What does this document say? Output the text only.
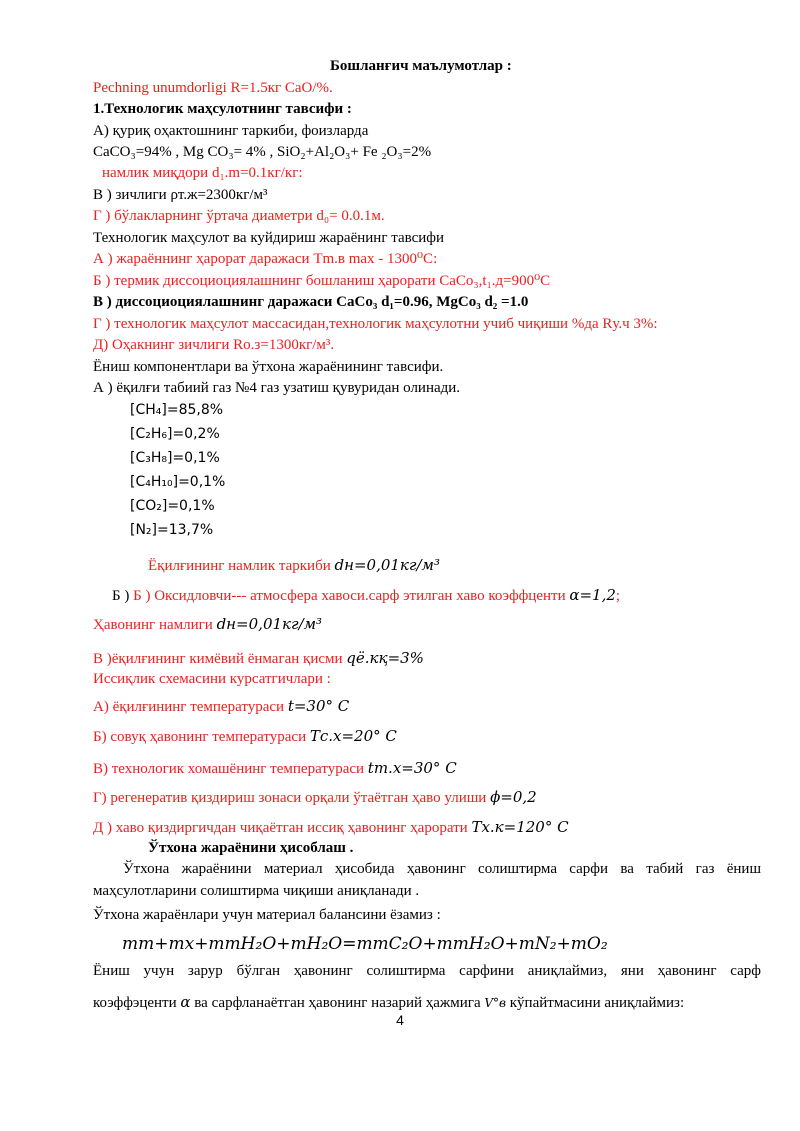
Бошланғич маълумотлар :
Pechning unumdorligi R=1.5кг CaO/%.
1.Технологик маҳсулотнинг тавсифи :
А) қуриқ оҳактошнинг таркиби, фоизларда
CaCO₃=94% , Mg CO₃= 4% , SiO₂+Al₂O₃+ Fe ₂O₃=2%
намлик миқдори d₁.m=0.1кг/кг:
В ) зичлиги ρт.ж=2300кг/м³
Г ) бўлакларнинг ўртача диаметри d₀= 0.0.1м.
Технологик маҳсулот ва куйдириш жараёнинг тавсифи
А ) жараённинг ҳарорат даражаси Тm.в max - 1300⁰С:
Б ) термик диссоциоциялашнинг бошланиш ҳарорати CaCo₃,t₁.д=900⁰С
В ) диссоциоциялашнинг даражаси CaCo₃ d₁=0.96, MgCo₃ d₂ =1.0
Г ) технологик маҳсулот массасидан,технологик маҳсулотни учиб чиқиши %да Rу.ч 3%:
Д) Оҳакнинг зичлиги Rо.з=1300кг/м³.
Ёниш компонентлари ва ўтхона жараёнининг тавсифи.
А ) ёқилғи табиий газ №4 газ узатиш қувуридан олинади.
[CH₄]=85,8%
[C₂H₆]=0,2%
[C₃H₈]=0,1%
[C₄H₁₀]=0,1%
[CO₂]=0,1%
[N₂]=13,7%
Ёқилғининг намлик таркиби dн=0,01кг/м³
Б ) Б ) Оксидловчи--- атмосфера хавоси.сарф этилган хаво коэффценти α=1,2;
Ҳавонинг намлиги dн=0,01кг/м³
В )ёқилғининг кимёвий ёнмаган қисми qё.кқ=3%
Иссиқлик схемасини курсатгичлари :
А) ёқилғининг температураси t=30° C
Б) совуқ ҳавонинг температураси Tс.х=20° C
В) технологик хомашёнинг температураси tт.х=30° C
Г) регенератив қиздириш зонаси орқали ўтаётган ҳаво улиши ϕ=0,2
Д ) хаво қиздиргичдан чиқаётган иссиқ ҳавонинг ҳарорати Tх.к=120° C
Ўтхона жараёнини ҳисоблаш .
Ўтхона жараёнини материал ҳисобида ҳавонинг солиштирма сарфи ва табий газ ёниш маҳсулотларини солиштирма чиқиши аниқланади .
Ўтхона жараёнлари учун материал балансини ёзамиз :
mm+mx+mmH₂O+mH₂O=mmC₂O+mmH₂O+mN₂+mO₂
Ёниш учун зарур бўлган ҳавонинг солиштирма сарфини аниқлаймиз, яни ҳавонинг сарф
коэффэценти α ва сарфланаётган ҳавонинг назарий ҳажмига V°в кўпайтмасини аниқлаймиз:
4
